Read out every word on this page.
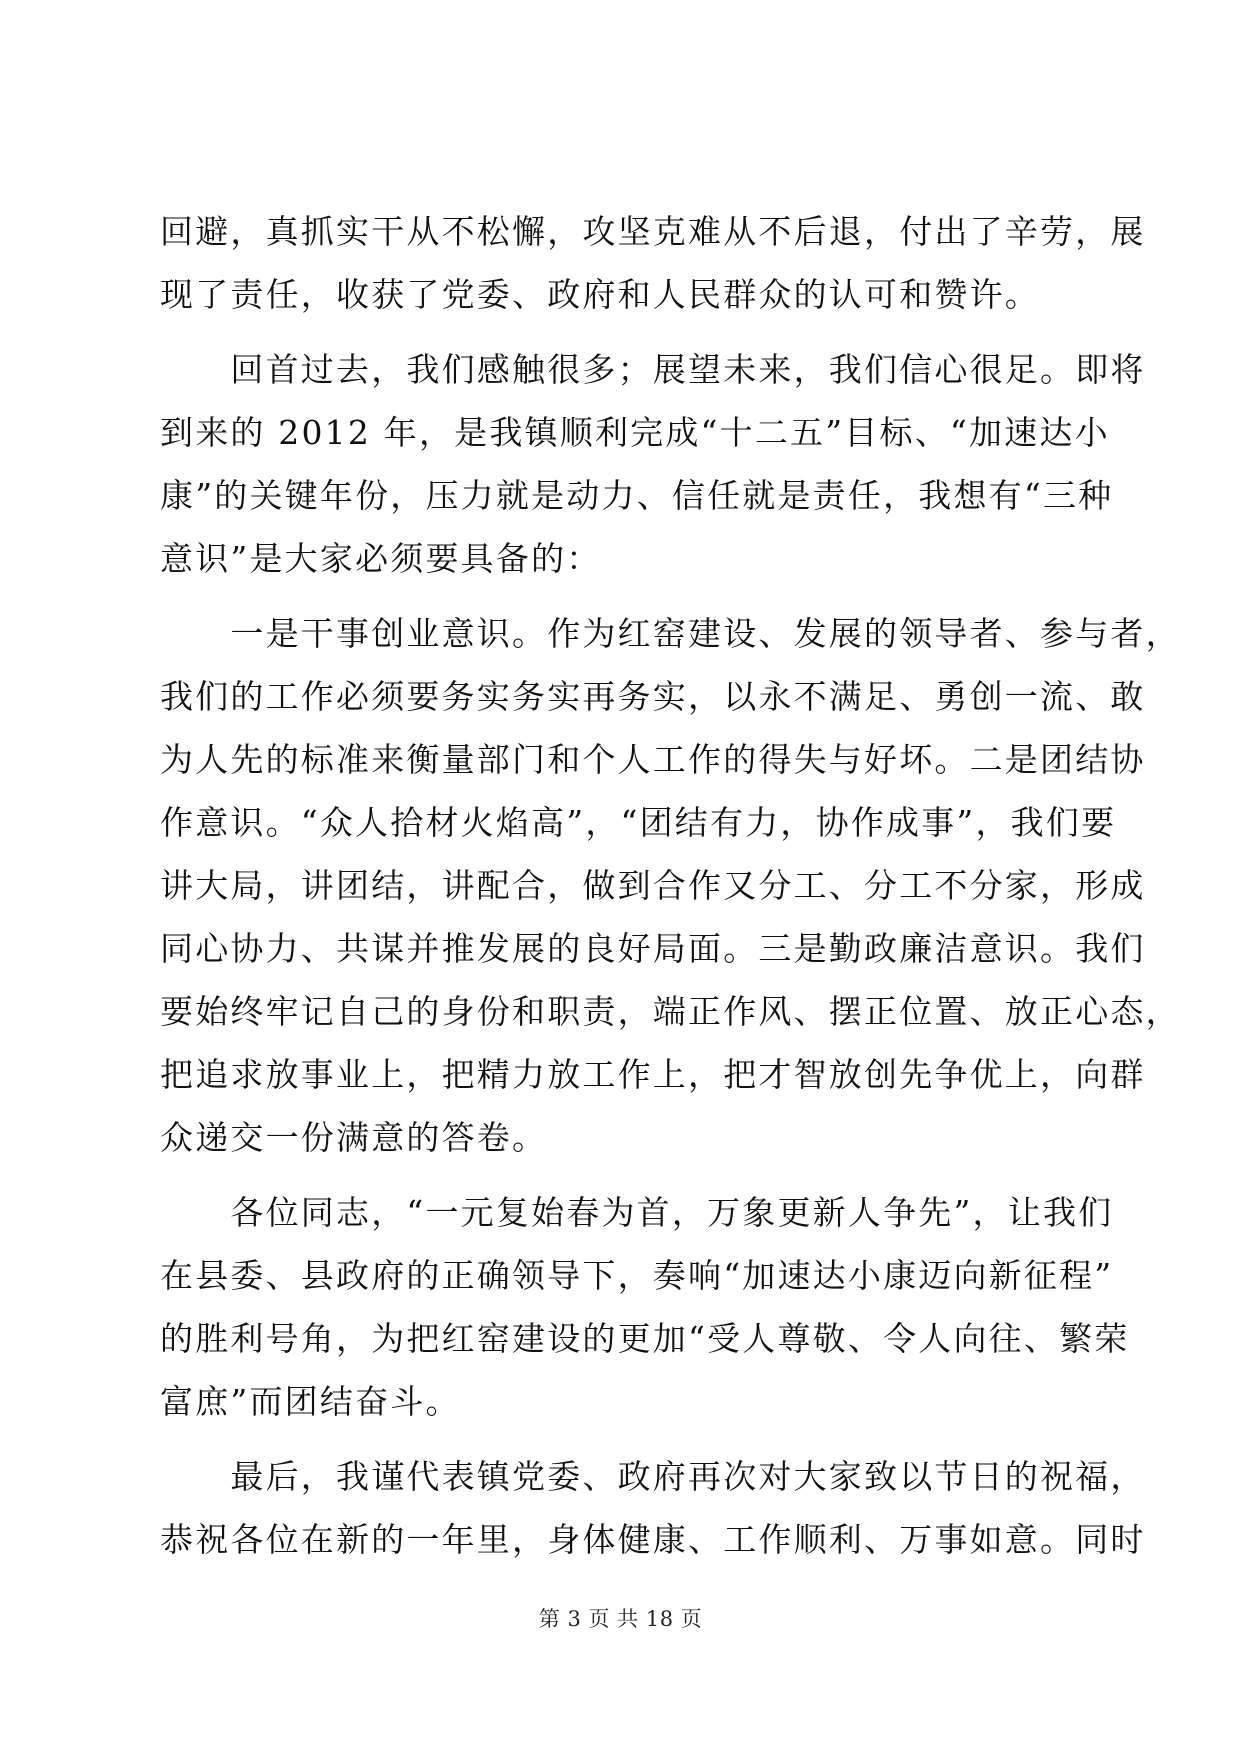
回避，真抓实干从不松懈，攻坚克难从不后退，付出了辛劳，展
现了责任，收获了党委、政府和人民群众的认可和赞许。
　　回首过去，我们感触很多；展望未来，我们信心很足。即将
到来的 2012 年，是我镇顺利完成“十二五”目标、“加速达小
康”的关键年份，压力就是动力、信任就是责任，我想有“三种
意识”是大家必须要具备的：
　　一是干事创业意识。作为红窑建设、发展的领导者、参与者，
我们的工作必须要务实务实再务实，以永不满足、勇创一流、敢
为人先的标准来衡量部门和个人工作的得失与好坏。二是团结协
作意识。“众人拾材火焰高”，“团结有力，协作成事”，我们要
讲大局，讲团结，讲配合，做到合作又分工、分工不分家，形成
同心协力、共谋并推发展的良好局面。三是勤政廉洁意识。我们
要始终牢记自己的身份和职责，端正作风、摆正位置、放正心态，
把追求放事业上，把精力放工作上，把才智放创先争优上，向群
众递交一份满意的答卷。
　　各位同志，“一元复始春为首，万象更新人争先”，让我们
在县委、县政府的正确领导下，奏响“加速达小康迈向新征程”
的胜利号角，为把红窑建设的更加“受人尊敬、令人向往、繁荣
富庶”而团结奋斗。
　　最后，我谨代表镇党委、政府再次对大家致以节日的祝福，
恭祝各位在新的一年里，身体健康、工作顺利、万事如意。同时
第 3 页 共 18 页
